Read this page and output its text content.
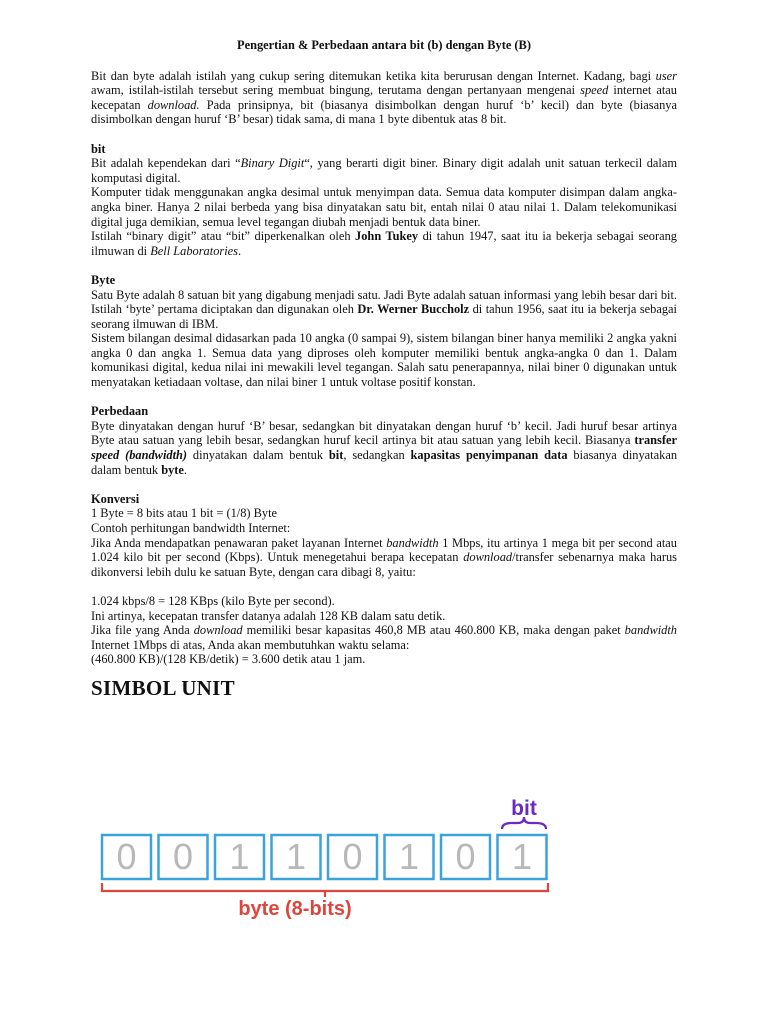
Pengertian & Perbedaan antara bit (b) dengan Byte (B)

Bit dan byte adalah istilah yang cukup sering ditemukan ketika kita berurusan dengan Internet. Kadang, bagi user awam, istilah-istilah tersebut sering membuat bingung, terutama dengan pertanyaan mengenai speed internet atau kecepatan download. Pada prinsipnya, bit (biasanya disimbolkan dengan huruf ‘b’ kecil) dan byte (biasanya disimbolkan dengan huruf ‘B’ besar) tidak sama, di mana 1 byte dibentuk atas 8 bit.

bit

Bit adalah kependekan dari “Binary Digit“, yang berarti digit biner. Binary digit adalah unit satuan terkecil dalam komputasi digital.

Komputer tidak menggunakan angka desimal untuk menyimpan data. Semua data komputer disimpan dalam angka-angka biner. Hanya 2 nilai berbeda yang bisa dinyatakan satu bit, entah nilai 0 atau nilai 1. Dalam telekomunikasi digital juga demikian, semua level tegangan diubah menjadi bentuk data biner.

Istilah “binary digit” atau “bit” diperkenalkan oleh John Tukey di tahun 1947, saat itu ia bekerja sebagai seorang ilmuwan di Bell Laboratories.

Byte

Satu Byte adalah 8 satuan bit yang digabung menjadi satu. Jadi Byte adalah satuan informasi yang lebih besar dari bit. Istilah ‘byte’ pertama diciptakan dan digunakan oleh Dr. Werner Buccholz di tahun 1956, saat itu ia bekerja sebagai seorang ilmuwan di IBM.

Sistem bilangan desimal didasarkan pada 10 angka (0 sampai 9), sistem bilangan biner hanya memiliki 2 angka yakni angka 0 dan angka 1. Semua data yang diproses oleh komputer memiliki bentuk angka-angka 0 dan 1. Dalam komunikasi digital, kedua nilai ini mewakili level tegangan. Salah satu penerapannya, nilai biner 0 digunakan untuk menyatakan ketiadaan voltase, dan nilai biner 1 untuk voltase positif konstan.

Perbedaan

Byte dinyatakan dengan huruf ‘B’ besar, sedangkan bit dinyatakan dengan huruf ‘b’ kecil. Jadi huruf besar artinya Byte atau satuan yang lebih besar, sedangkan huruf kecil artinya bit atau satuan yang lebih kecil. Biasanya transfer speed (bandwidth) dinyatakan dalam bentuk bit, sedangkan kapasitas penyimpanan data biasanya dinyatakan dalam bentuk byte.

Konversi

1 Byte = 8 bits atau 1 bit = (1/8) Byte

Contoh perhitungan bandwidth Internet:

Jika Anda mendapatkan penawaran paket layanan Internet bandwidth 1 Mbps, itu artinya 1 mega bit per second atau 1.024 kilo bit per second (Kbps). Untuk menegetahui berapa kecepatan download/transfer sebenarnya maka harus dikonversi lebih dulu ke satuan Byte, dengan cara dibagi 8, yaitu:

1.024 kbps/8 = 128 KBps (kilo Byte per second).

Ini artinya, kecepatan transfer datanya adalah 128 KB dalam satu detik.

Jika file yang Anda download memiliki besar kapasitas 460,8 MB atau 460.800 KB, maka dengan paket bandwidth Internet 1Mbps di atas, Anda akan membutuhkan waktu selama:

(460.800 KB)/(128 KB/detik) = 3.600 detik atau 1 jam.

SIMBOL UNIT
0 0 1 1 0 1 0 1
bit
byte (8-bits)
